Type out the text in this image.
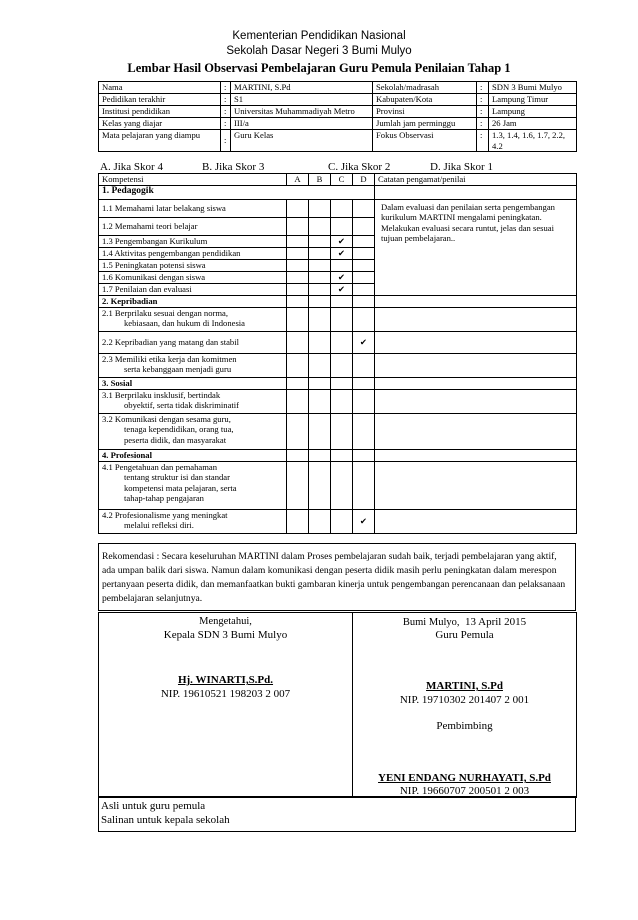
Kementerian Pendidikan Nasional
Sekolah Dasar Negeri 3 Bumi Mulyo
Lembar Hasil Observasi Pembelajaran Guru Pemula Penilaian Tahap 1
Nama	:	MARTINI, S.Pd	Sekolah/madrasah	:	SDN 3 Bumi Mulyo
Pedidikan terakhir	:	S1	Kabupaten/Kota	:	Lampung Timur
Institusi pendidikan	:	Universitas Muhammadiyah Metro	Provinsi	:	Lampung
Kelas yang diajar	:	III/a	Jumlah jam perminggu	:	26 Jam
Mata pelajaran yang diampu	:	Guru Kelas	Fokus Observasi	:	1.3, 1.4, 1.6, 1.7, 2.2, 4.2
A. Jika Skor 4	B. Jika Skor 3	C. Jika Skor 2	D. Jika Skor 1
Kompetensi	A	B	C	D	Catatan pengamat/penilai
1. Pedagogik					
1.1 Memahami latar belakang siswa					Dalam evaluasi dan penilaian serta pengembangan kurikulum MARTINI mengalami peningkatan. Melakukan evaluasi secara runtut, jelas dan sesuai tujuan pembelajaran..
1.2 Memahami teori belajar					
1.3 Pengembangan Kurikulum			✔		
1.4 Aktivitas pengembangan pendidikan			✔		
1.5 Peningkatan potensi siswa					
1.6 Komunikasi dengan siswa			✔		
1.7 Penilaian dan evaluasi			✔		
2. Kepribadian					
2.1 Berprilaku sesuai dengan norma,
kebiasaan, dan hukum di Indonesia					
2.2 Kepribadian yang matang dan stabil				✔	
2.3 Memiliki etika kerja dan komitmen
serta kebanggaan menjadi guru					
3. Sosial					
3.1 Berprilaku insklusif, bertindak
obyektif, serta tidak diskriminatif					
3.2 Komunikasi dengan sesama guru,
tenaga kependidikan, orang tua,
peserta didik, dan masyarakat					
4. Profesional					
4.1 Pengetahuan dan pemahaman
tentang struktur isi dan standar
kompetensi mata pelajaran, serta
tahap-tahap pengajaran					
4.2 Profesionalisme yang meningkat
melalui refleksi diri.				✔	
Rekomendasi : Secara keseluruhan MARTINI dalam Proses pembelajaran sudah baik, terjadi pembelajaran yang aktif, ada umpan balik dari siswa. Namun dalam komunikasi dengan peserta didik masih perlu peningkatan dalam merespon pertanyaan peserta didik, dan memanfaatkan bukti gambaran kinerja untuk pengembangan perencanaan dan pelaksanaan pembelajaran selanjutnya.
Mengetahui,
Kepala SDN 3 Bumi Mulyo
Hj. WINARTI,S.Pd.
NIP. 19610521 198203 2 007

Bumi Mulyo, 13 April 2015
Guru Pemula
MARTINI, S.Pd
NIP. 19710302 201407 2 001
Pembimbing
YENI ENDANG NURHAYATI, S.Pd
NIP. 19660707 200501 2 003
Asli untuk guru pemula
Salinan untuk kepala sekolah
